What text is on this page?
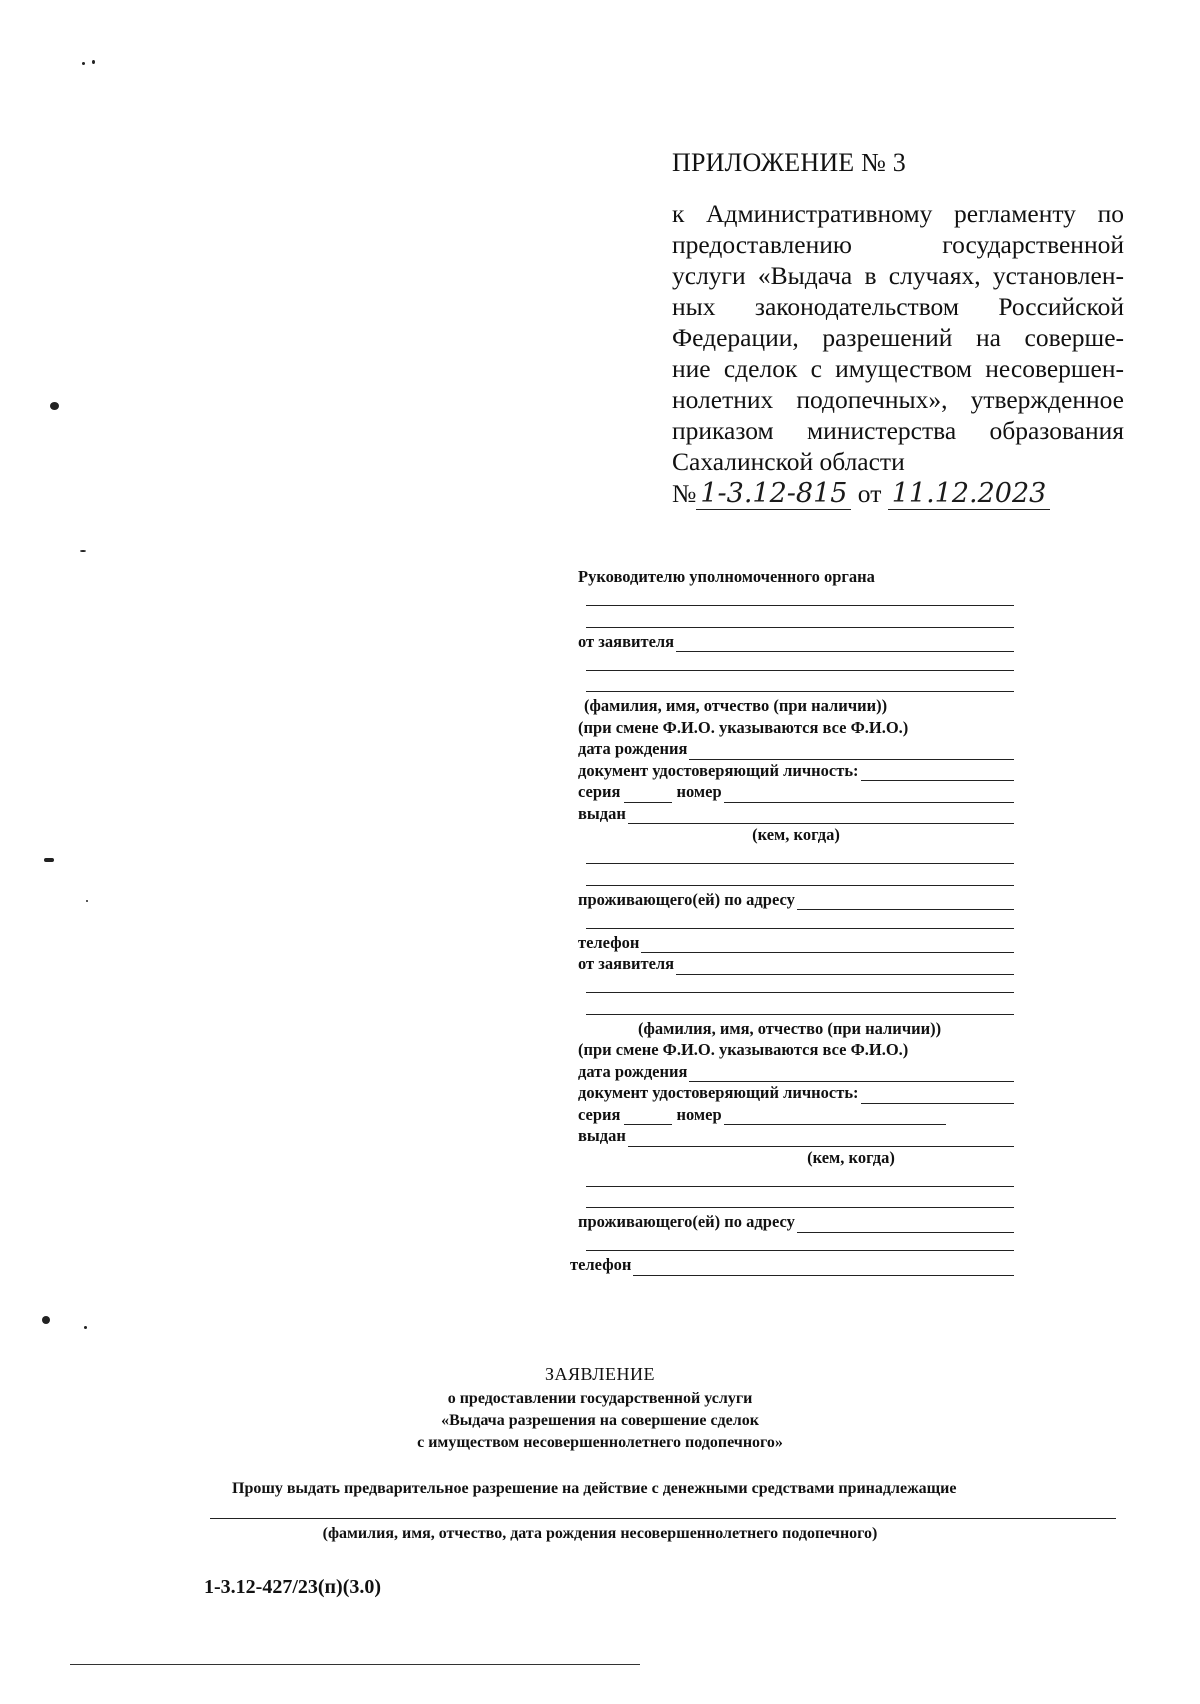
ПРИЛОЖЕНИЕ № 3
к Административному регламенту по
предоставлению государственной
услуги «Выдача в случаях, установлен-
ных законодательством Российской
Федерации, разрешений на соверше-
ние сделок с имуществом несовершен-
нолетних подопечных», утвержденное
приказом министерства образования
Сахалинской области
№ 1-3.12-815 от 11.12.2023
Руководителю уполномоченного органа
от заявителя
(фамилия, имя, отчество (при наличии))
(при смене Ф.И.О. указываются все Ф.И.О.)
дата рождения
документ удостоверяющий личность:
серия	номер
выдан
(кем, когда)
проживающего(ей) по адресу
телефон
от заявителя
(фамилия, имя, отчество (при наличии))
(при смене Ф.И.О. указываются все Ф.И.О.)
дата рождения
документ удостоверяющий личность:
серия	номер
выдан
(кем, когда)
проживающего(ей) по адресу
телефон
ЗАЯВЛЕНИЕ
о предоставлении государственной услуги
«Выдача разрешения на совершение сделок
с имуществом несовершеннолетнего подопечного»
Прошу выдать предварительное разрешение на действие с денежными средствами принадлежащие
(фамилия, имя, отчество, дата рождения несовершеннолетнего подопечного)
1-3.12-427/23(п)(3.0)
